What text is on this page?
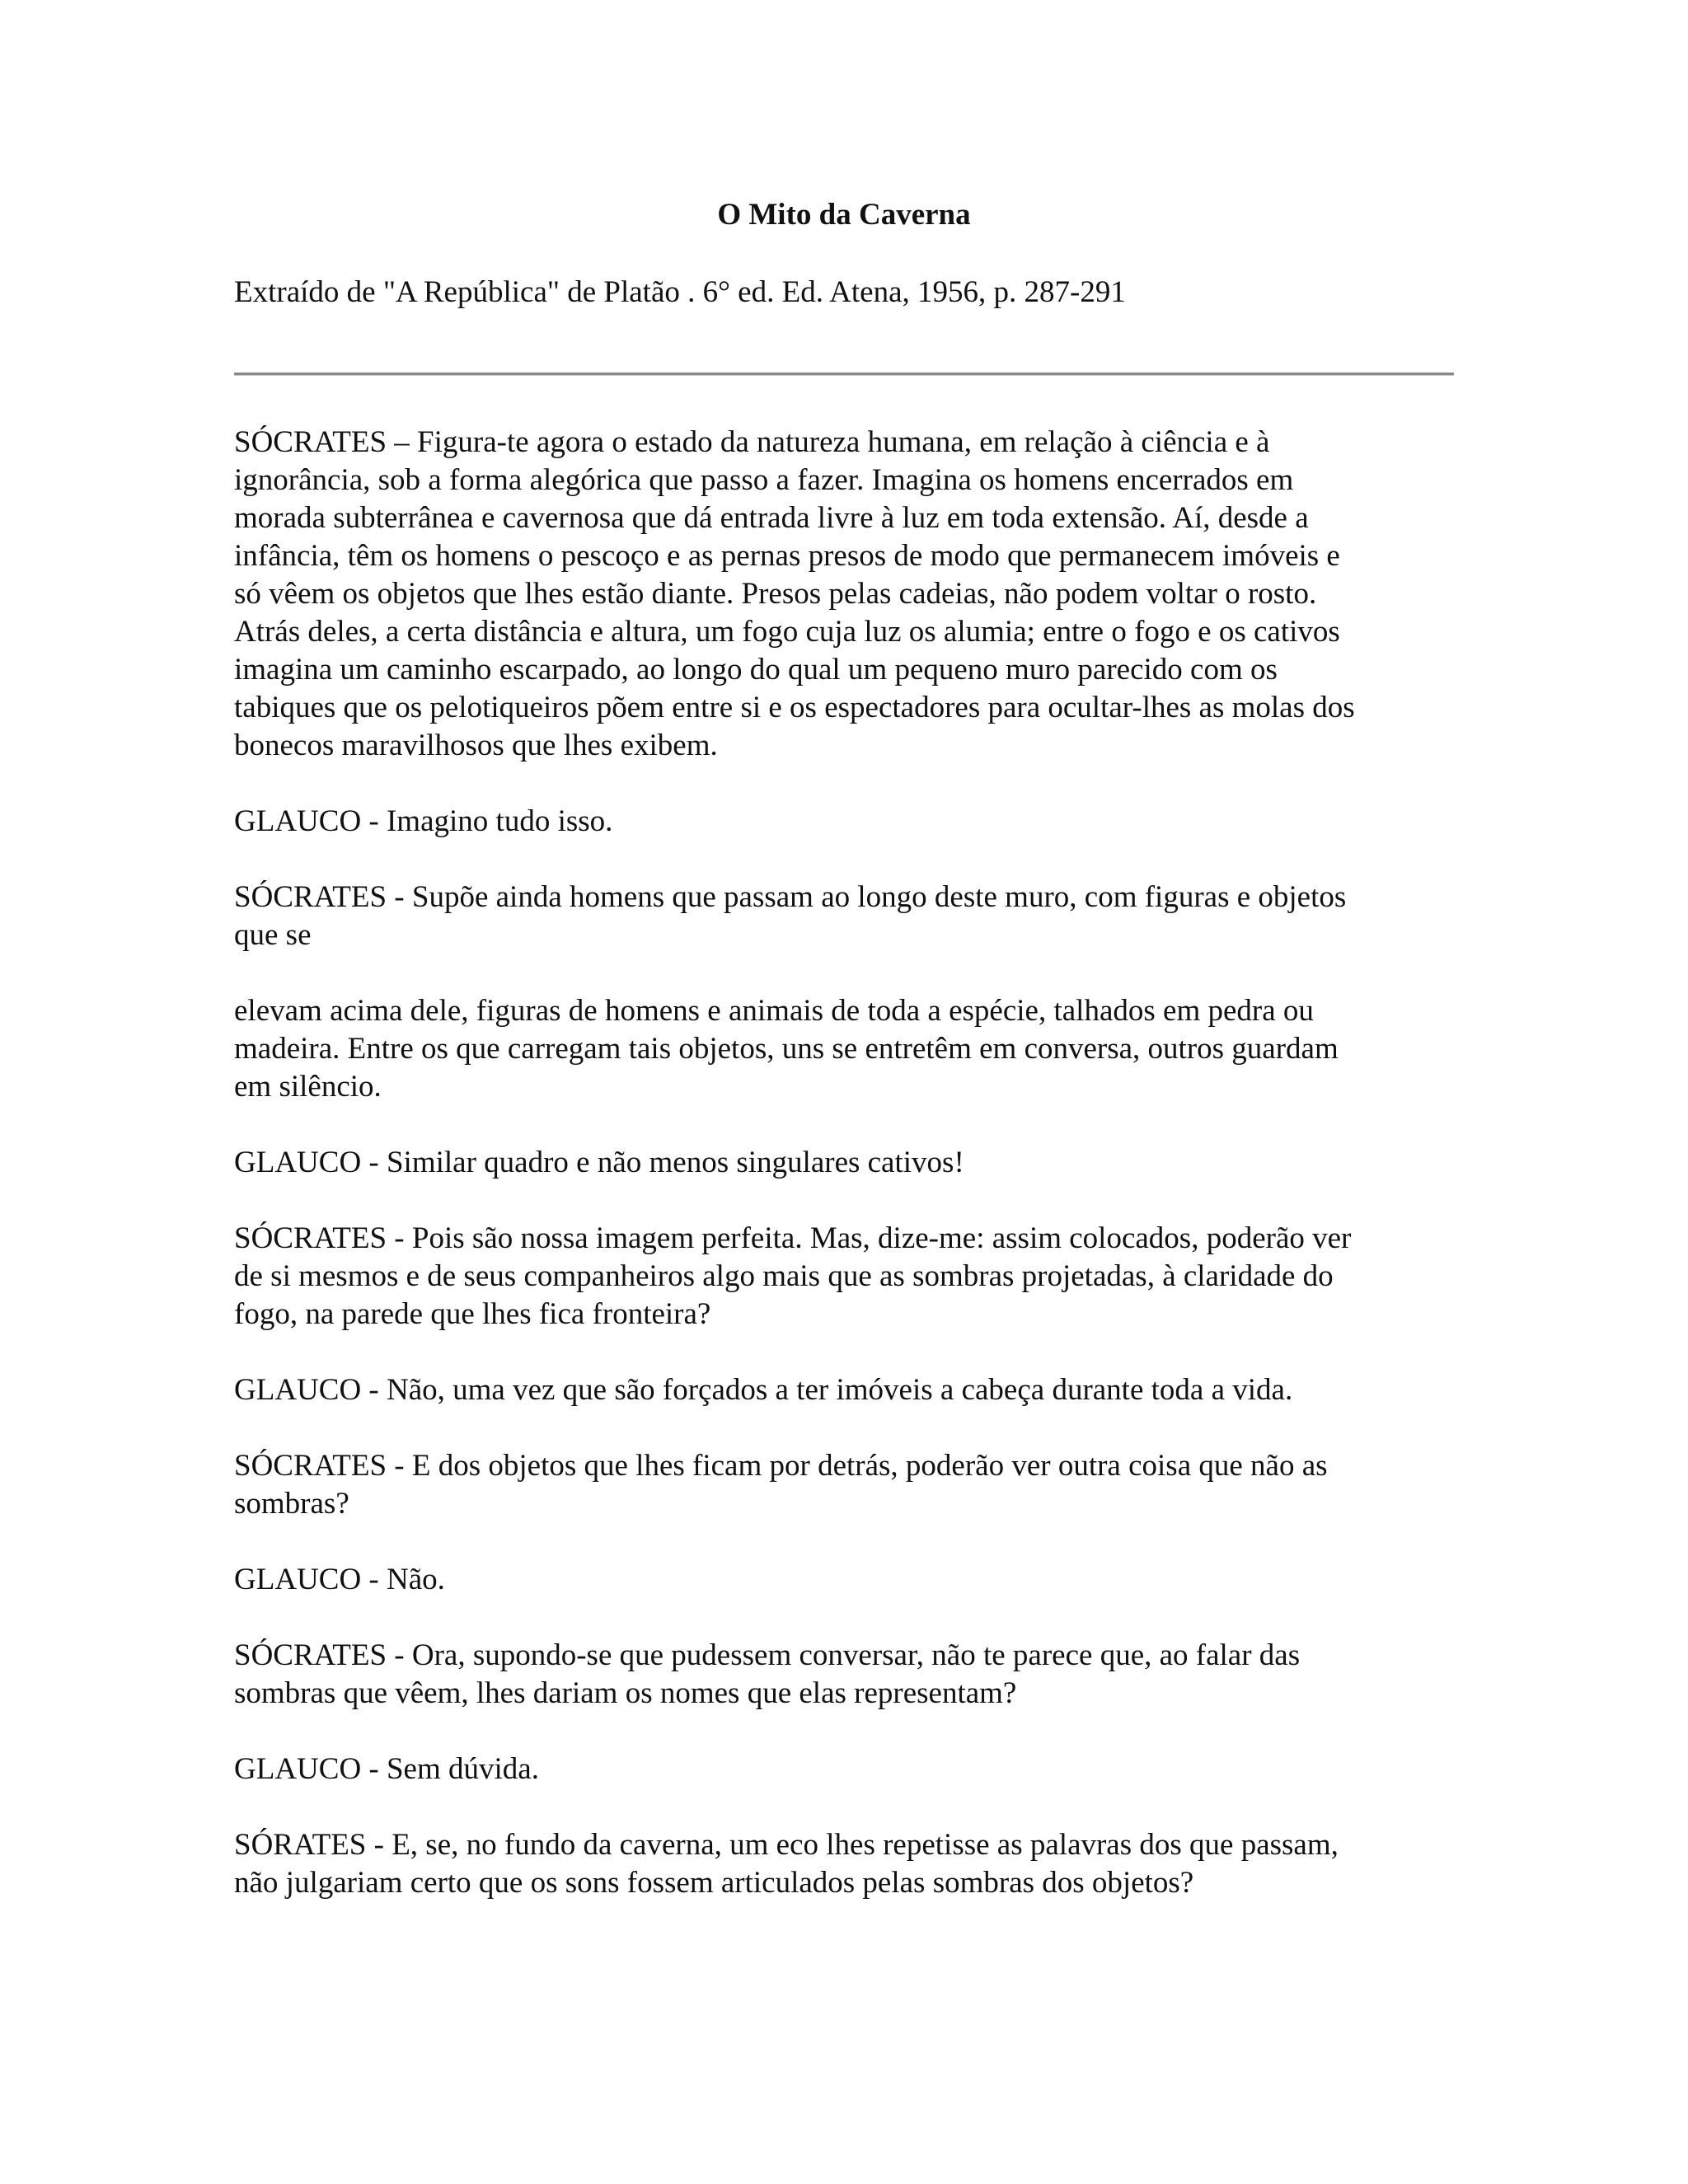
O Mito da Caverna

Extraído de "A República" de Platão . 6° ed. Ed. Atena, 1956, p. 287-291

SÓCRATES – Figura-te agora o estado da natureza humana, em relação à ciência e à
ignorância, sob a forma alegórica que passo a fazer. Imagina os homens encerrados em
morada subterrânea e cavernosa que dá entrada livre à luz em toda extensão. Aí, desde a
infância, têm os homens o pescoço e as pernas presos de modo que permanecem imóveis e
só vêem os objetos que lhes estão diante. Presos pelas cadeias, não podem voltar o rosto.
Atrás deles, a certa distância e altura, um fogo cuja luz os alumia; entre o fogo e os cativos
imagina um caminho escarpado, ao longo do qual um pequeno muro parecido com os
tabiques que os pelotiqueiros põem entre si e os espectadores para ocultar-lhes as molas dos
bonecos maravilhosos que lhes exibem.

GLAUCO - Imagino tudo isso.

SÓCRATES - Supõe ainda homens que passam ao longo deste muro, com figuras e objetos
que se

elevam acima dele, figuras de homens e animais de toda a espécie, talhados em pedra ou
madeira. Entre os que carregam tais objetos, uns se entretêm em conversa, outros guardam
em silêncio.

GLAUCO - Similar quadro e não menos singulares cativos!

SÓCRATES - Pois são nossa imagem perfeita. Mas, dize-me: assim colocados, poderão ver
de si mesmos e de seus companheiros algo mais que as sombras projetadas, à claridade do
fogo, na parede que lhes fica fronteira?

GLAUCO - Não, uma vez que são forçados a ter imóveis a cabeça durante toda a vida.

SÓCRATES - E dos objetos que lhes ficam por detrás, poderão ver outra coisa que não as
sombras?

GLAUCO - Não.

SÓCRATES - Ora, supondo-se que pudessem conversar, não te parece que, ao falar das
sombras que vêem, lhes dariam os nomes que elas representam?

GLAUCO - Sem dúvida.

SÓRATES - E, se, no fundo da caverna, um eco lhes repetisse as palavras dos que passam,
não julgariam certo que os sons fossem articulados pelas sombras dos objetos?
